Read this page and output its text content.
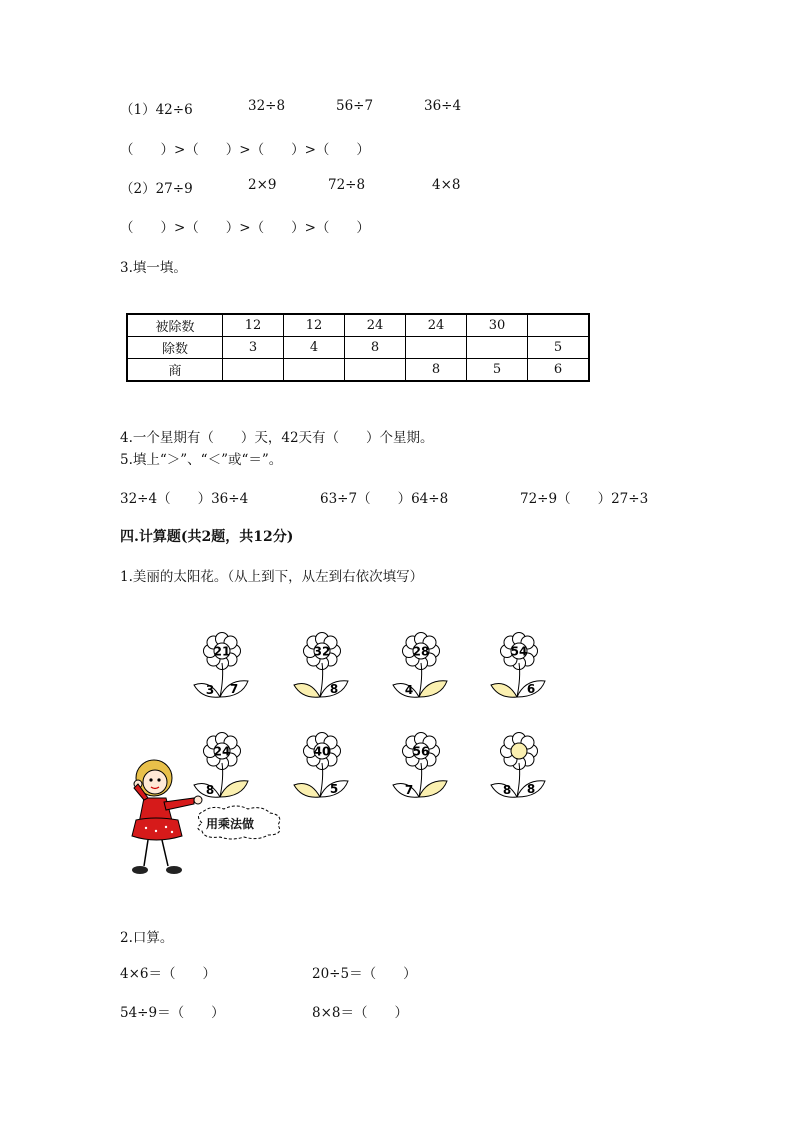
（1）42÷6	32÷8	56÷7	36÷4
（　　）>（　　）>（　　）>（　　）
（2）27÷9	2×9	72÷8	4×8
（　　）>（　　）>（　　）>（　　）
3.填一填。
被除数	12	12	24	24	30	
除数	3	4	8			5
商				8	5	6
4.一个星期有（　　）天，42天有（　　）个星期。
5.填上“＞”、“＜”或“＝”。
32÷4（　　）36÷4	63÷7（　　）64÷8	72÷9（　　）27÷3
四.计算题(共2题，共12分)
1.美丽的太阳花。（从上到下，从左到右依次填写）
21
3 7
32
8
28
4
54
6
24
8
40
5
56
7	8 8
用乘法做
2.口算。
4×6＝（　　）	20÷5＝（　　）
54÷9＝（　　）	8×8＝（　　）
